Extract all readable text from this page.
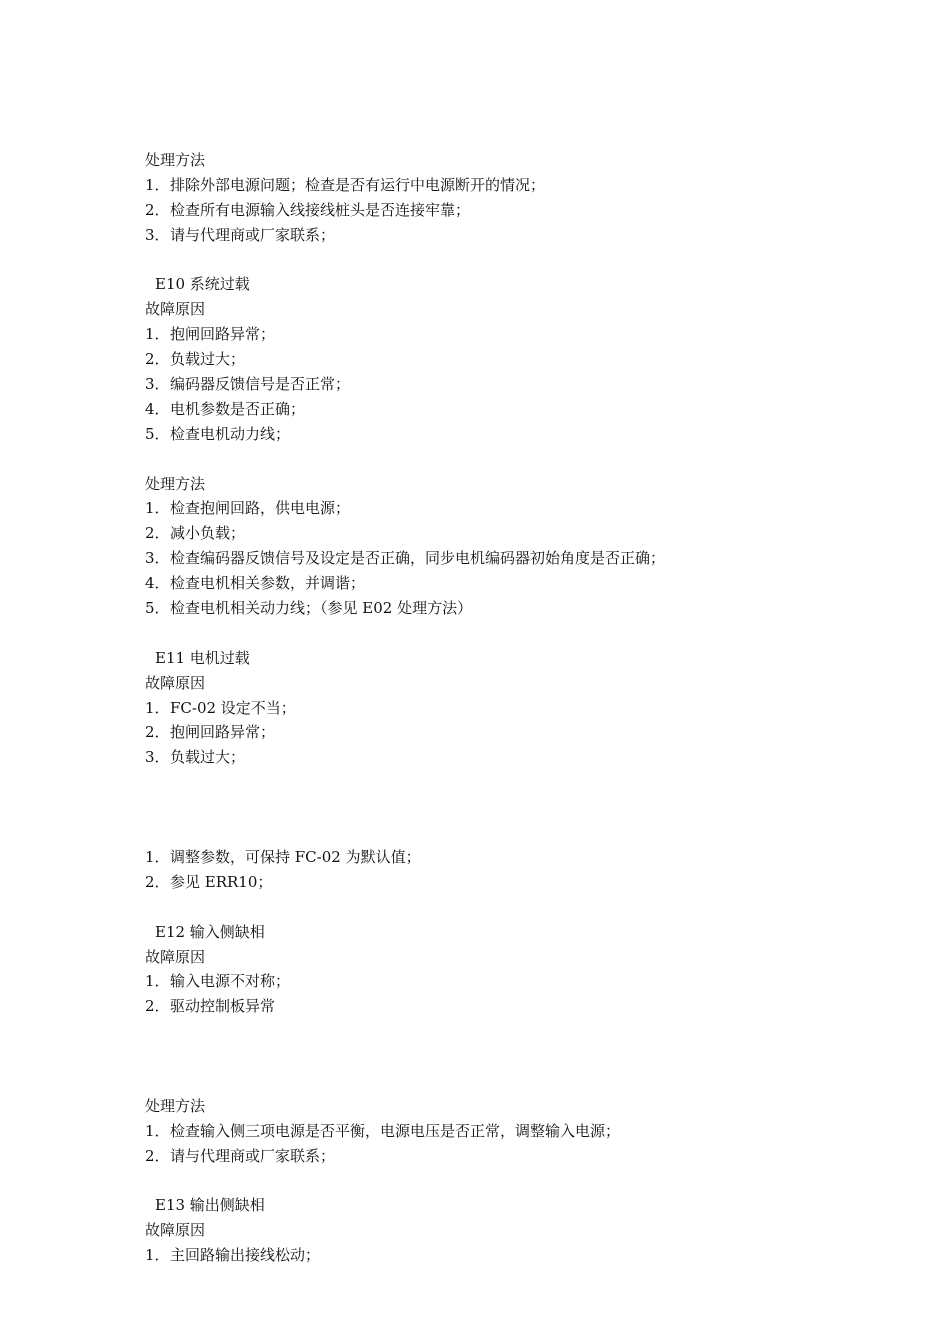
处理方法
1．排除外部电源问题；检查是否有运行中电源断开的情况；
2．检查所有电源输入线接线桩头是否连接牢靠；
3．请与代理商或厂家联系；
E10 系统过载
故障原因
1．抱闸回路异常；
2．负载过大；
3．编码器反馈信号是否正常；
4．电机参数是否正确；
5．检查电机动力线；
处理方法
1．检查抱闸回路，供电电源；
2．减小负载；
3．检查编码器反馈信号及设定是否正确，同步电机编码器初始角度是否正确；
4．检查电机相关参数，并调谐；
5．检查电机相关动力线；（参见 E02 处理方法）
E11 电机过载
故障原因
1．FC-02 设定不当；
2．抱闸回路异常；
3．负载过大；
1．调整参数，可保持 FC-02 为默认值；
2．参见 ERR10；
E12 输入侧缺相
故障原因
1．输入电源不对称；
2．驱动控制板异常
处理方法
1．检查输入侧三项电源是否平衡，电源电压是否正常，调整输入电源；
2．请与代理商或厂家联系；
E13 输出侧缺相
故障原因
1．主回路输出接线松动；
